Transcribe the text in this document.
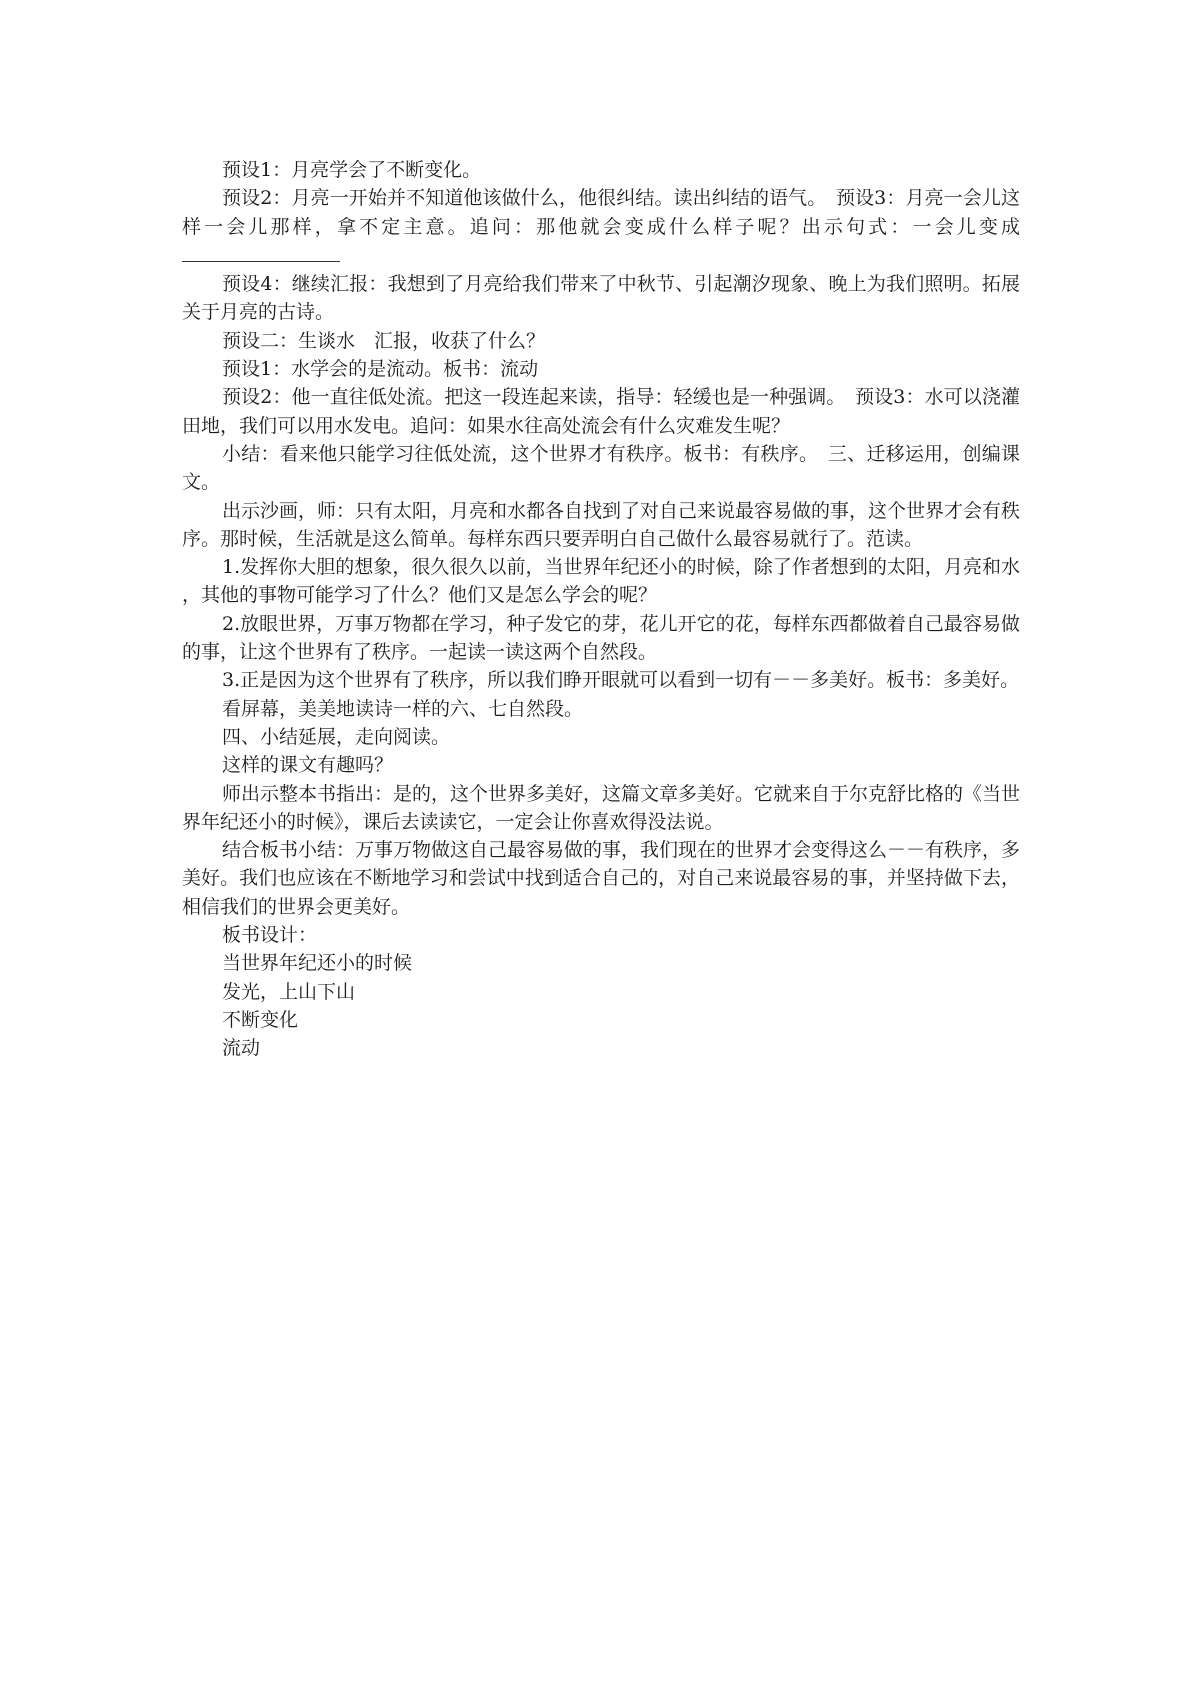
预设1：月亮学会了不断变化。

预设2：月亮一开始并不知道他该做什么，他很纠结。读出纠结的语气。　预设3：月亮一会儿这样一会儿那样，拿不定主意。追问：那他就会变成什么样子呢？出示句式：一会儿变成

预设4：继续汇报：我想到了月亮给我们带来了中秋节、引起潮汐现象、晚上为我们照明。拓展关于月亮的古诗。

预设二：生谈水　汇报，收获了什么？

预设1：水学会的是流动。板书：流动

预设2：他一直往低处流。把这一段连起来读，指导：轻缓也是一种强调。　预设3：水可以浇灌田地，我们可以用水发电。追问：如果水往高处流会有什么灾难发生呢？

小结：看来他只能学习往低处流，这个世界才有秩序。板书：有秩序。　三、迁移运用，创编课文。

出示沙画，师：只有太阳，月亮和水都各自找到了对自己来说最容易做的事，这个世界才会有秩序。那时候，生活就是这么简单。每样东西只要弄明白自己做什么最容易就行了。范读。

1.发挥你大胆的想象，很久很久以前，当世界年纪还小的时候，除了作者想到的太阳，月亮和水，其他的事物可能学习了什么？他们又是怎么学会的呢？

2.放眼世界，万事万物都在学习，种子发它的芽，花儿开它的花，每样东西都做着自己最容易做的事，让这个世界有了秩序。一起读一读这两个自然段。

3.正是因为这个世界有了秩序，所以我们睁开眼就可以看到一切有－－多美好。板书：多美好。

看屏幕，美美地读诗一样的六、七自然段。

四、小结延展，走向阅读。

这样的课文有趣吗？

师出示整本书指出：是的，这个世界多美好，这篇文章多美好。它就来自于尔克舒比格的《当世界年纪还小的时候》，课后去读读它，一定会让你喜欢得没法说。

结合板书小结：万事万物做这自己最容易做的事，我们现在的世界才会变得这么－－有秩序，多美好。我们也应该在不断地学习和尝试中找到适合自己的，对自己来说最容易的事，并坚持做下去，相信我们的世界会更美好。

板书设计：

当世界年纪还小的时候

发光，上山下山

不断变化

流动
